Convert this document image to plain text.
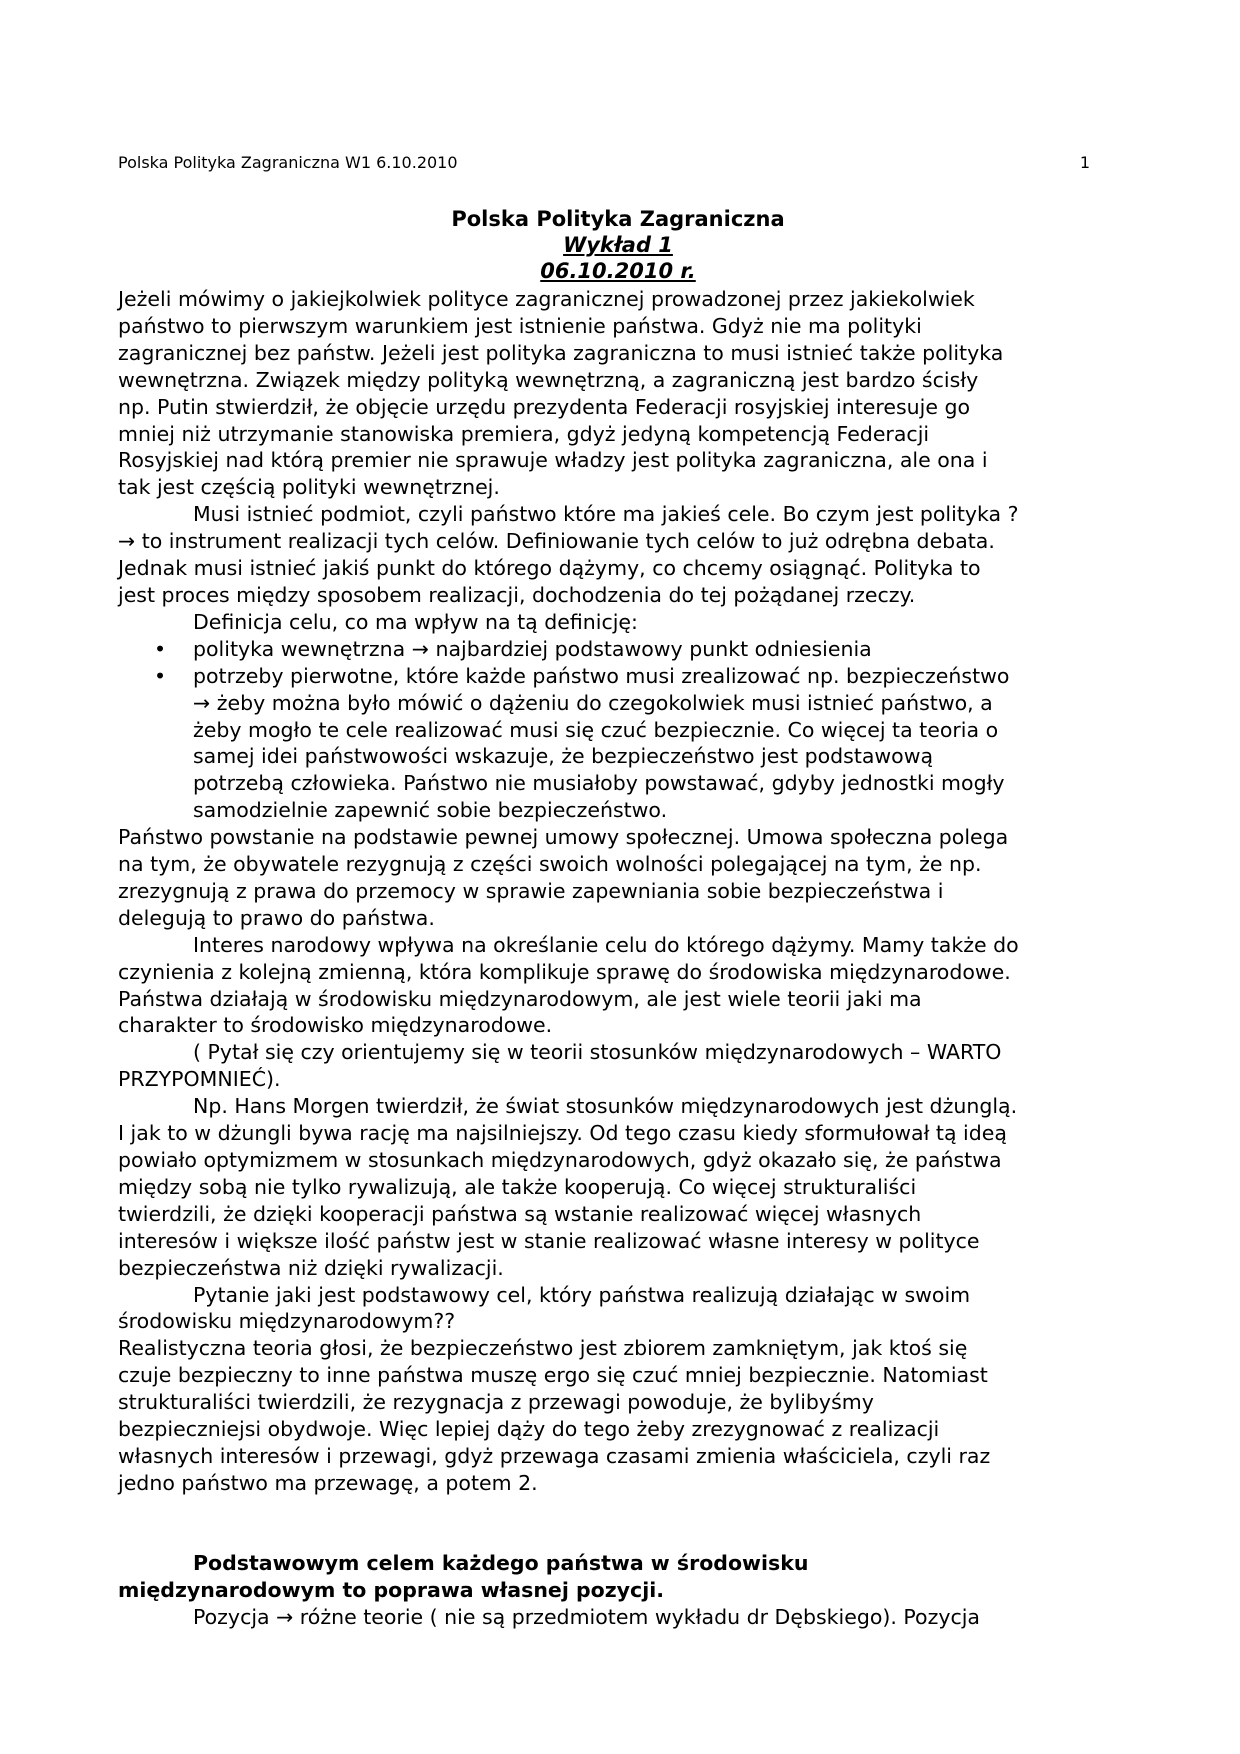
Polska Polityka Zagraniczna W1 6.10.2010	1
Polska Polityka Zagraniczna
Wykład 1
06.10.2010 r.

Jeżeli mówimy o jakiejkolwiek polityce zagranicznej prowadzonej przez jakiekolwiek
państwo to pierwszym warunkiem jest istnienie państwa. Gdyż nie ma polityki
zagranicznej bez państw. Jeżeli jest polityka zagraniczna to musi istnieć także polityka
wewnętrzna. Związek między polityką wewnętrzną, a zagraniczną jest bardzo ścisły
np. Putin stwierdził, że objęcie urzędu prezydenta Federacji rosyjskiej interesuje go
mniej niż utrzymanie stanowiska premiera, gdyż jedyną kompetencją Federacji
Rosyjskiej nad którą premier nie sprawuje władzy jest polityka zagraniczna, ale ona i
tak jest częścią polityki wewnętrznej.

Musi istnieć podmiot, czyli państwo które ma jakieś cele. Bo czym jest polityka ?
→ to instrument realizacji tych celów. Definiowanie tych celów to już odrębna debata.
Jednak musi istnieć jakiś punkt do którego dążymy, co chcemy osiągnąć. Polityka to
jest proces między sposobem realizacji, dochodzenia do tej pożądanej rzeczy.

Definicja celu, co ma wpływ na tą definicję:

• polityka wewnętrzna → najbardziej podstawowy punkt odniesienia
• potrzeby pierwotne, które każde państwo musi zrealizować np. bezpieczeństwo
→ żeby można było mówić o dążeniu do czegokolwiek musi istnieć państwo, a
żeby mogło te cele realizować musi się czuć bezpiecznie. Co więcej ta teoria o
samej idei państwowości wskazuje, że bezpieczeństwo jest podstawową
potrzebą człowieka. Państwo nie musiałoby powstawać, gdyby jednostki mogły
samodzielnie zapewnić sobie bezpieczeństwo.

Państwo powstanie na podstawie pewnej umowy społecznej. Umowa społeczna polega
na tym, że obywatele rezygnują z części swoich wolności polegającej na tym, że np.
zrezygnują z prawa do przemocy w sprawie zapewniania sobie bezpieczeństwa i
delegują to prawo do państwa.

Interes narodowy wpływa na określanie celu do którego dążymy. Mamy także do
czynienia z kolejną zmienną, która komplikuje sprawę do środowiska międzynarodowe.
Państwa działają w środowisku międzynarodowym, ale jest wiele teorii jaki ma
charakter to środowisko międzynarodowe.

( Pytał się czy orientujemy się w teorii stosunków międzynarodowych – WARTO
PRZYPOMNIEĆ).

Np. Hans Morgen twierdził, że świat stosunków międzynarodowych jest dżunglą.
I jak to w dżungli bywa rację ma najsilniejszy. Od tego czasu kiedy sformułował tą ideą
powiało optymizmem w stosunkach międzynarodowych, gdyż okazało się, że państwa
między sobą nie tylko rywalizują, ale także kooperują. Co więcej strukturaliści
twierdzili, że dzięki kooperacji państwa są wstanie realizować więcej własnych
interesów i większe ilość państw jest w stanie realizować własne interesy w polityce
bezpieczeństwa niż dzięki rywalizacji.

Pytanie jaki jest podstawowy cel, który państwa realizują działając w swoim
środowisku międzynarodowym??

Realistyczna teoria głosi, że bezpieczeństwo jest zbiorem zamkniętym, jak ktoś się
czuje bezpieczny to inne państwa muszę ergo się czuć mniej bezpiecznie. Natomiast
strukturaliści twierdzili, że rezygnacja z przewagi powoduje, że bylibyśmy
bezpieczniejsi obydwoje. Więc lepiej dąży do tego żeby zrezygnować z realizacji
własnych interesów i przewagi, gdyż przewaga czasami zmienia właściciela, czyli raz
jedno państwo ma przewagę, a potem 2.

Podstawowym celem każdego państwa w środowisku
międzynarodowym to poprawa własnej pozycji.

Pozycja → różne teorie ( nie są przedmiotem wykładu dr Dębskiego). Pozycja
